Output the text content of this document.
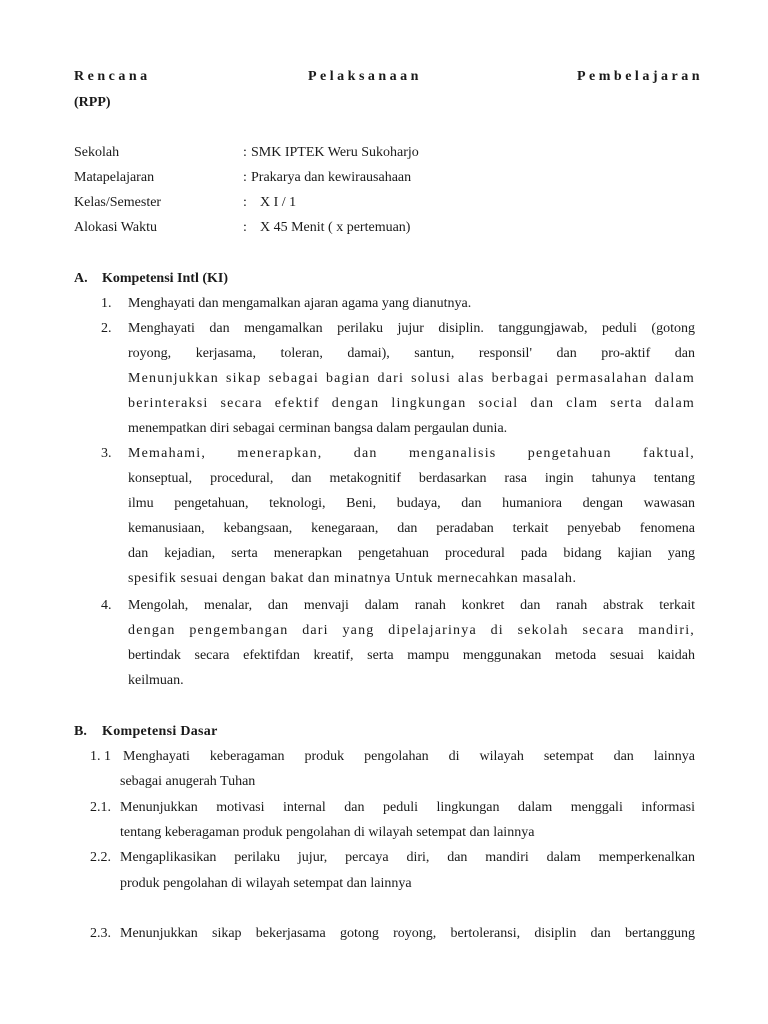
Rencana	Pelaksanaan	Pembelajaran
(RPP)
Sekolah	: SMK IPTEK Weru Sukoharjo
Matapelajaran	: Prakarya dan kewirausahaan
Kelas/Semester	: X I / 1
Alokasi Waktu	: X 45 Menit ( x pertemuan)
A. Kompetensi Intl (KI)
1. Menghayati dan mengamalkan ajaran agama yang dianutnya.
2. Menghayati dan mengamalkan perilaku jujur disiplin. tanggungjawab, peduli (gotong
royong, kerjasama, toleran, damai), santun, responsil' dan pro-aktif dan
Menunjukkan sikap sebagai bagian dari solusi alas berbagai permasalahan dalam
berinteraksi secara efektif dengan lingkungan social dan clam serta dalam
menempatkan diri sebagai cerminan bangsa dalam pergaulan dunia.
3. Memahami, menerapkan, dan menganalisis pengetahuan faktual,
konseptual, procedural, dan metakognitif berdasarkan rasa ingin tahunya tentang
ilmu pengetahuan, teknologi, Beni, budaya, dan humaniora dengan wawasan
kemanusiaan, kebangsaan, kenegaraan, dan peradaban terkait penyebab fenomena
dan kejadian, serta menerapkan pengetahuan procedural pada bidang kajian yang
spesifik sesuai dengan bakat dan minatnya Untuk mernecahkan masalah.
4. Mengolah, menalar, dan menvaji dalam ranah konkret dan ranah abstrak terkait
dengan pengembangan dari yang dipelajarinya di sekolah secara mandiri,
bertindak secara efektifdan kreatif, serta mampu menggunakan metoda sesuai kaidah
keilmuan.
B. Kompetensi Dasar
1. 1 Menghayati keberagaman produk pengolahan di wilayah setempat dan lainnya
sebagai anugerah Tuhan
2.1. Menunjukkan motivasi internal dan peduli lingkungan dalam menggali informasi
tentang keberagaman produk pengolahan di wilayah setempat dan lainnya
2.2. Mengaplikasikan perilaku jujur, percaya diri, dan mandiri dalam memperkenalkan
produk pengolahan di wilayah setempat dan lainnya
2.3. Menunjukkan sikap bekerjasama gotong royong, bertoleransi, disiplin dan bertanggung
